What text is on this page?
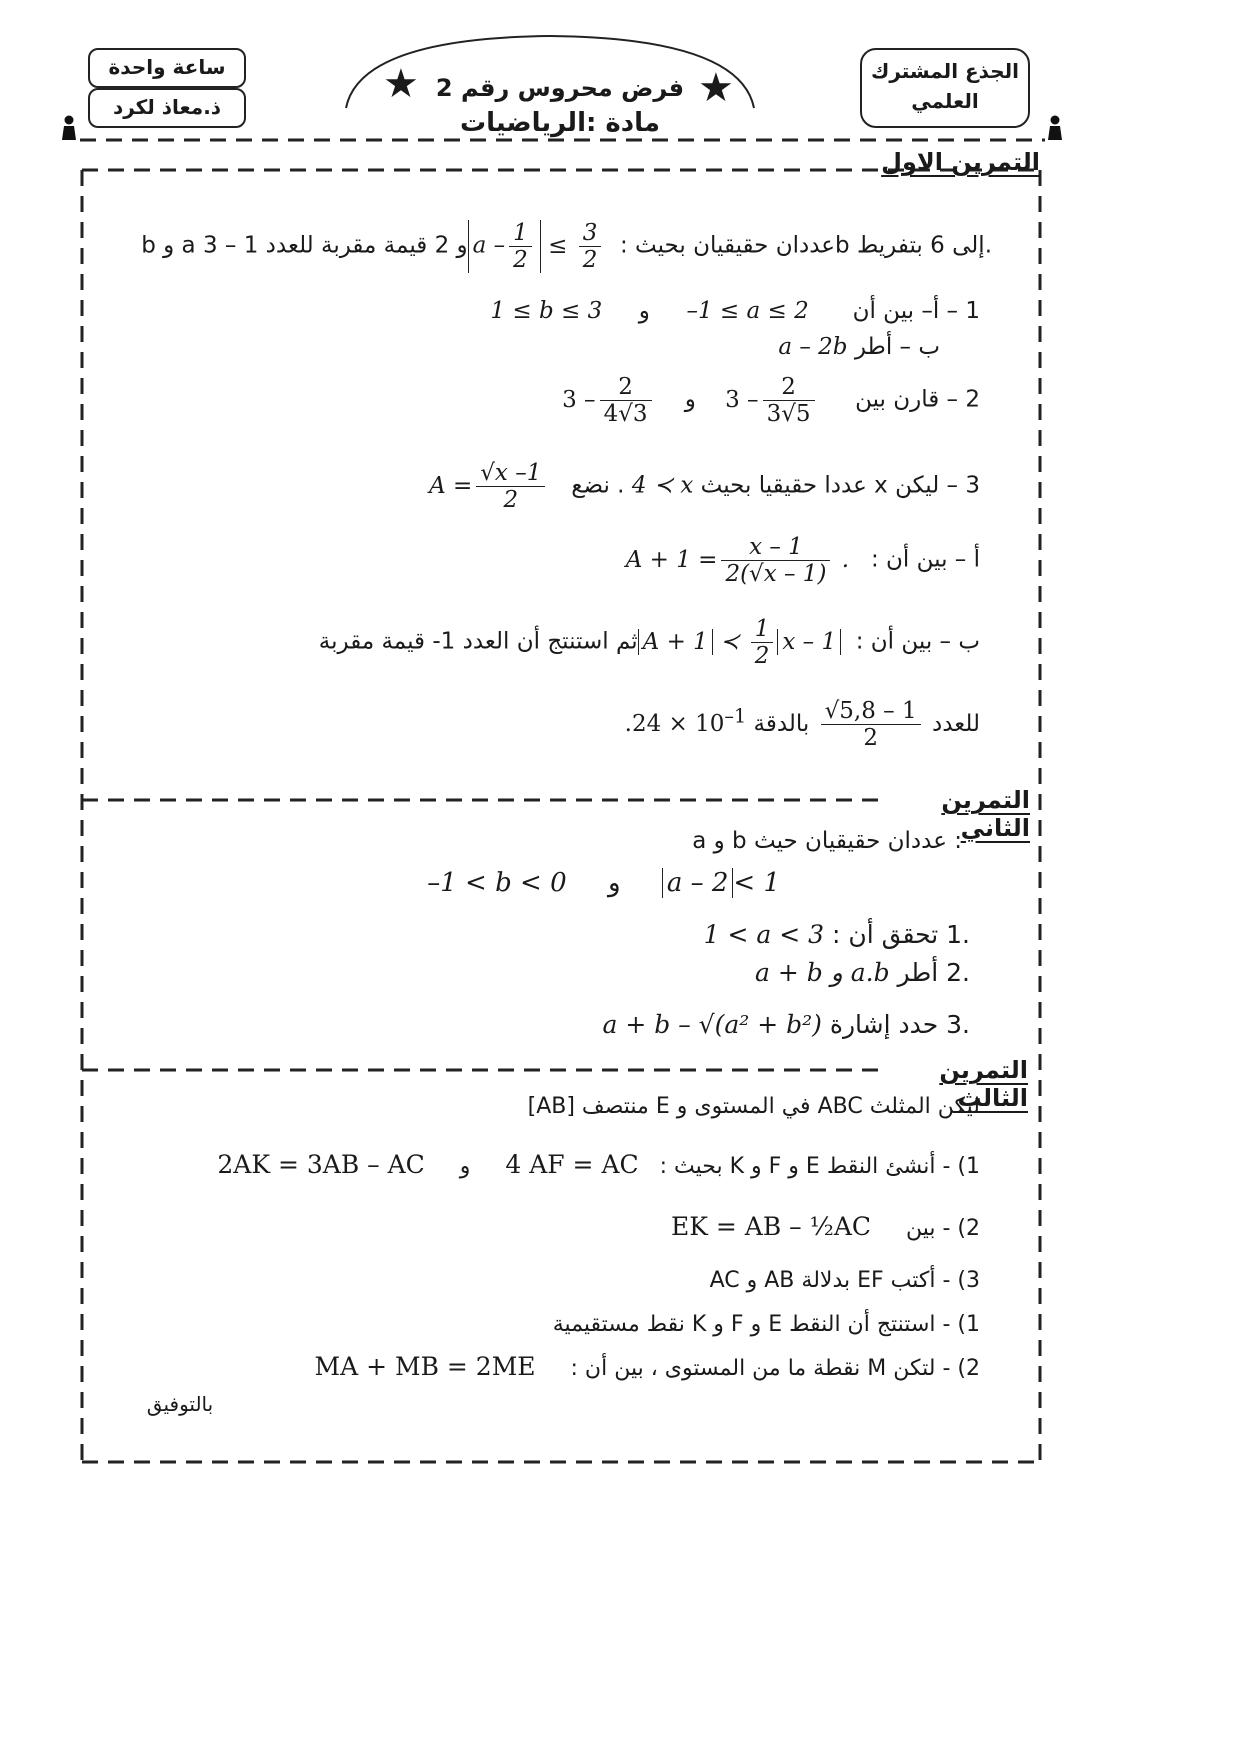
ساعة واحدة
ذ.معاذ لكرد
الجذع المشترك
العلمي
★	★
فرض محروس رقم 2
مادة :الرياضيات
التمرين الاول
b و a عددان حقيقيان بحيث : $a - \frac{1}{2} \le \frac{3}{2}$
و 2 قيمة مقربة للعدد 1 – 3b إلى 6 بتفريط.
1 – أ– بين أن      –1 ≤ a ≤ 2     و     1 ≤ b ≤ 3
ب – أطر a – 2b
2 – قارن بين     $3 - \frac{2}{3√5}$
و    $3 - \frac{2}{4√3}$
3 – ليكن x عددا حقيقيا بحيث 4 ≺ x . نضع   $A = \frac{√x -1}{2}$
أ – بين أن :   $A + 1 = \frac{x - 1}{2(√x - 1)}$ .
ب – بين أن : A + 1 ≺ $\frac{1}{2}$ x – 1 ثم استنتج أن العدد 1- قيمة مقربة
للعدد
$\frac{√5,8 - 1}{2}$
بالدقة $.24 \times 10^{-1}$
التمرين الثاني
a و b عددان حقيقيان حيث :
a – 2 < 1     و     –1 < b < 0
.1 تحقق أن : 1 < a < 3
.2 أطر a + b و a.b
.3 حدد إشارة a + b – √(a² + b²)
التمرين الثالث
ليكن المثلث ABC في المستوى و E منتصف [AB]
1) - أنشئ النقط E و F و K بحيث :   4 AF = AC     و     2AK = 3AB – AC
2) - بين     EK = AB – ½AC
3) - أكتب EF بدلالة AB و AC
1) - استنتج أن النقط E و F و K نقط مستقيمية
2) - لتكن M نقطة ما من المستوى ، بين أن :     MA + MB = 2ME
بالتوفيق
